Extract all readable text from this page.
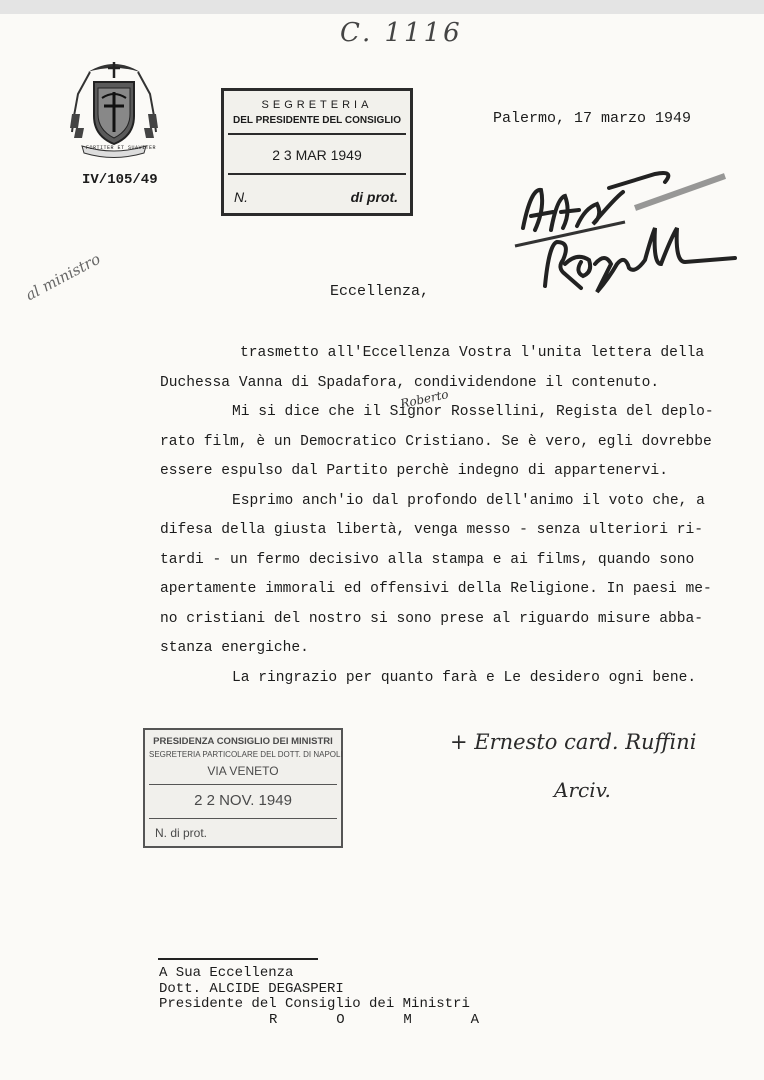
C. 1116
FORTITER ET SUAVITER
IV/105/49
SEGRETERIA
DEL PRESIDENTE DEL CONSIGLIO
2 3 MAR 1949
N.	di prot.
Palermo, 17 marzo 1949
al ministro	Eccellenza,
Roberto
trasmetto all'Eccellenza Vostra l'unita lettera della
Duchessa Vanna di Spadafora, condividendone il contenuto.
Mi si dice che il Signor Rossellini, Regista del deplo-
rato film, è un Democratico Cristiano. Se è vero, egli dovrebbe
essere espulso dal Partito perchè indegno di appartenervi.
Esprimo anch'io dal profondo dell'animo il voto che, a
difesa della giusta libertà, venga messo - senza ulteriori ri-
tardi - un fermo decisivo alla stampa e ai films, quando sono
apertamente immorali ed offensivi della Religione. In paesi me-
no cristiani del nostro si sono prese al riguardo misure abba-
stanza energiche.
La ringrazio per quanto farà e Le desidero ogni bene.
PRESIDENZA CONSIGLIO DEI MINISTRI
SEGRETERIA PARTICOLARE DEL DOTT. DI NAPOLI
VIA VENETO
2 2 NOV. 1949
N. di prot.
+ Ernesto card. Ruffini
Arciv.
A Sua Eccellenza
Dott. ALCIDE DEGASPERI
Presidente del Consiglio dei Ministri
R       O       M       A
